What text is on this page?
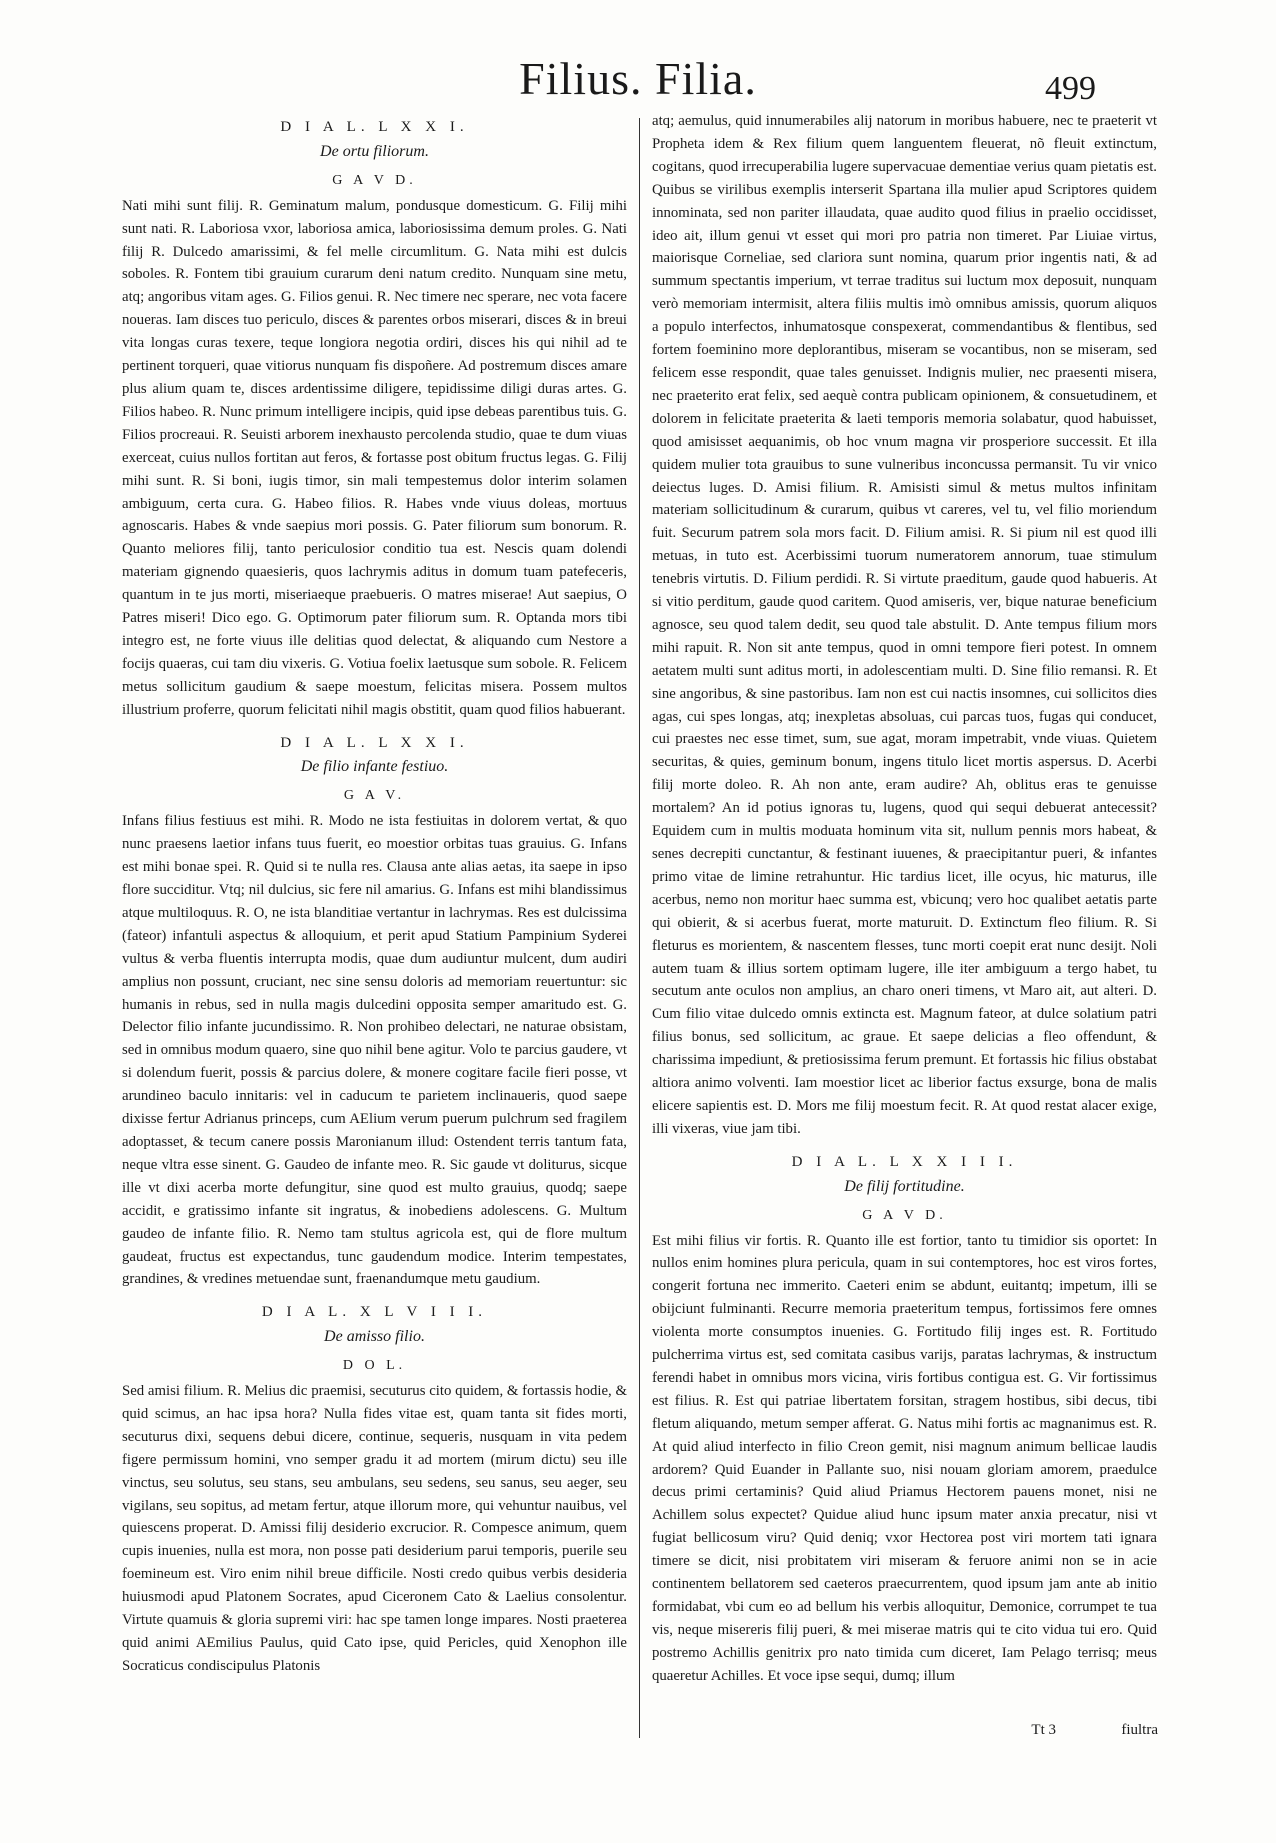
Filius. Filia.	499
D I A L. L X X I.
De ortu filiorum.
G A V D.

Nati mihi sunt filij. R. Geminatum malum, pondusque domesticum. G. Filij mihi sunt nati. R. Laboriosa vxor, laboriosa amica, laboriosissima demum proles. G. Nati filij R. Dulcedo amarissimi, & fel melle circumlitum. G. Nata mihi est dulcis soboles. R. Fontem tibi grauium curarum deni natum credito. Nunquam sine metu, atq; angoribus vitam ages. G. Filios genui. R. Nec timere nec sperare, nec vota facere noueras. Iam disces tuo periculo, disces & parentes orbos miserari, disces & in breui vita longas curas texere, teque longiora negotia ordiri, disces his qui nihil ad te pertinent torqueri, quae vitiorus nunquam fis dispoñere. Ad postremum disces amare plus alium quam te, disces ardentissime diligere, tepidissime diligi duras artes. G. Filios habeo. R. Nunc primum intelligere incipis, quid ipse debeas parentibus tuis. G. Filios procreaui. R. Seuisti arborem inexhausto percolenda studio, quae te dum viuas exerceat, cuius nullos fortitan aut feros, & fortasse post obitum fructus legas. G. Filij mihi sunt. R. Si boni, iugis timor, sin mali tempestemus dolor interim solamen ambiguum, certa cura. G. Habeo filios. R. Habes vnde viuus doleas, mortuus agnoscaris. Habes & vnde saepius mori possis. G. Pater filiorum sum bonorum. R. Quanto meliores filij, tanto periculosior conditio tua est. Nescis quam dolendi materiam gignendo quaesieris, quos lachrymis aditus in domum tuam patefeceris, quantum in te jus morti, miseriaeque praebueris. O matres miserae! Aut saepius, O Patres miseri! Dico ego. G. Optimorum pater filiorum sum. R. Optanda mors tibi integro est, ne forte viuus ille delitias quod delectat, & aliquando cum Nestore a focijs quaeras, cui tam diu vixeris. G. Votiua foelix laetusque sum sobole. R. Felicem metus sollicitum gaudium & saepe moestum, felicitas misera. Possem multos illustrium proferre, quorum felicitati nihil magis obstitit, quam quod filios habuerant.

D I A L. L X X I.
De filio infante festiuo.
G A V.

Infans filius festiuus est mihi. R. Modo ne ista festiuitas in dolorem vertat, & quo nunc praesens laetior infans tuus fuerit, eo moestior orbitas tuas grauius. G. Infans est mihi bonae spei. R. Quid si te nulla res. Clausa ante alias aetas, ita saepe in ipso flore succiditur. Vtq; nil dulcius, sic fere nil amarius. G. Infans est mihi blandissimus atque multiloquus. R. O, ne ista blanditiae vertantur in lachrymas. Res est dulcissima (fateor) infantuli aspectus & alloquium, et perit apud Statium Pampinium Syderei vultus & verba fluentis interrupta modis, quae dum audiuntur mulcent, dum audiri amplius non possunt, cruciant, nec sine sensu doloris ad memoriam reuertuntur: sic humanis in rebus, sed in nulla magis dulcedini opposita semper amaritudo est. G. Delector filio infante jucundissimo. R. Non prohibeo delectari, ne naturae obsistam, sed in omnibus modum quaero, sine quo nihil bene agitur. Volo te parcius gaudere, vt si dolendum fuerit, possis & parcius dolere, & monere cogitare facile fieri posse, vt arundineo baculo innitaris: vel in caducum te parietem inclinaueris, quod saepe dixisse fertur Adrianus princeps, cum AElium verum puerum pulchrum sed fragilem adoptasset, & tecum canere possis Maronianum illud: Ostendent terris tantum fata, neque vltra esse sinent. G. Gaudeo de infante meo. R. Sic gaude vt doliturus, sicque ille vt dixi acerba morte defungitur, sine quod est multo grauius, quodq; saepe accidit, e gratissimo infante sit ingratus, & inobediens adolescens. G. Multum gaudeo de infante filio. R. Nemo tam stultus agricola est, qui de flore multum gaudeat, fructus est expectandus, tunc gaudendum modice. Interim tempestates, grandines, & vredines metuendae sunt, fraenandumque metu gaudium.

D I A L. X L V I I I.
De amisso filio.
D O L.

Sed amisi filium. R. Melius dic praemisi, secuturus cito quidem, & fortassis hodie, & quid scimus, an hac ipsa hora? Nulla fides vitae est, quam tanta sit fides morti, secuturus dixi, sequens debui dicere, continue, sequeris, nusquam in vita pedem figere permissum homini, vno semper gradu it ad mortem (mirum dictu) seu ille vinctus, seu solutus, seu stans, seu ambulans, seu sedens, seu sanus, seu aeger, seu vigilans, seu sopitus, ad metam fertur, atque illorum more, qui vehuntur nauibus, vel quiescens properat. D. Amissi filij desiderio excrucior. R. Compesce animum, quem cupis inuenies, nulla est mora, non posse pati desiderium parui temporis, puerile seu foemineum est. Viro enim nihil breue difficile. Nosti credo quibus verbis desideria huiusmodi apud Platonem Socrates, apud Ciceronem Cato & Laelius consolentur. Virtute quamuis & gloria supremi viri: hac spe tamen longe impares. Nosti praeterea quid animi AEmilius Paulus, quid Cato ipse, quid Pericles, quid Xenophon ille Socraticus condiscipulus Platonis

atq; aemulus, quid innumerabiles alij natorum in moribus habuere, nec te praeterit vt Propheta idem & Rex filium quem languentem fleuerat, nõ fleuit extinctum, cogitans, quod irrecuperabilia lugere supervacuae dementiae verius quam pietatis est. Quibus se virilibus exemplis interserit Spartana illa mulier apud Scriptores quidem innominata, sed non pariter illaudata, quae audito quod filius in praelio occidisset, ideo ait, illum genui vt esset qui mori pro patria non timeret. Par Liuiae virtus, maiorisque Corneliae, sed clariora sunt nomina, quarum prior ingentis nati, & ad summum spectantis imperium, vt terrae traditus sui luctum mox deposuit, nunquam verò memoriam intermisit, altera filiis multis imò omnibus amissis, quorum aliquos a populo interfectos, inhumatosque conspexerat, commendantibus & flentibus, sed fortem foeminino more deplorantibus, miseram se vocantibus, non se miseram, sed felicem esse respondit, quae tales genuisset. Indignis mulier, nec praesenti misera, nec praeterito erat felix, sed aequè contra publicam opinionem, & consuetudinem, et dolorem in felicitate praeterita & laeti temporis memoria solabatur, quod habuisset, quod amisisset aequanimis, ob hoc vnum magna vir prosperiore successit. Et illa quidem mulier tota grauibus to sune vulneribus inconcussa permansit. Tu vir vnico deiectus luges. D. Amisi filium. R. Amisisti simul & metus multos infinitam materiam sollicitudinum & curarum, quibus vt careres, vel tu, vel filio moriendum fuit. Securum patrem sola mors facit. D. Filium amisi. R. Si pium nil est quod illi metuas, in tuto est. Acerbissimi tuorum numeratorem annorum, tuae stimulum tenebris virtutis. D. Filium perdidi. R. Si virtute praeditum, gaude quod habueris. At si vitio perditum, gaude quod caritem. Quod amiseris, ver, bique naturae beneficium agnosce, seu quod talem dedit, seu quod tale abstulit. D. Ante tempus filium mors mihi rapuit. R. Non sit ante tempus, quod in omni tempore fieri potest. In omnem aetatem multi sunt aditus morti, in adolescentiam multi. D. Sine filio remansi. R. Et sine angoribus, & sine pastoribus. Iam non est cui nactis insomnes, cui sollicitos dies agas, cui spes longas, atq; inexpletas absoluas, cui parcas tuos, fugas qui conducet, cui praestes nec esse timet, sum, sue agat, moram impetrabit, vnde viuas. Quietem securitas, & quies, geminum bonum, ingens titulo licet mortis aspersus. D. Acerbi filij morte doleo. R. Ah non ante, eram audire? Ah, oblitus eras te genuisse mortalem? An id potius ignoras tu, lugens, quod qui sequi debuerat antecessit? Equidem cum in multis moduata hominum vita sit, nullum pennis mors habeat, & senes decrepiti cunctantur, & festinant iuuenes, & praecipitantur pueri, & infantes primo vitae de limine retrahuntur. Hic tardius licet, ille ocyus, hic maturus, ille acerbus, nemo non moritur haec summa est, vbicunq; vero hoc qualibet aetatis parte qui obierit, & si acerbus fuerat, morte maturuit. D. Extinctum fleo filium. R. Si fleturus es morientem, & nascentem flesses, tunc morti coepit erat nunc desijt. Noli autem tuam & illius sortem optimam lugere, ille iter ambiguum a tergo habet, tu secutum ante oculos non amplius, an charo oneri timens, vt Maro ait, aut alteri. D. Cum filio vitae dulcedo omnis extincta est. Magnum fateor, at dulce solatium patri filius bonus, sed sollicitum, ac graue. Et saepe delicias a fleo offendunt, & charissima impediunt, & pretiosissima ferum premunt. Et fortassis hic filius obstabat altiora animo volventi. Iam moestior licet ac liberior factus exsurge, bona de malis elicere sapientis est. D. Mors me filij moestum fecit. R. At quod restat alacer exige, illi vixeras, viue jam tibi.

D I A L. L X X I I I.
De filij fortitudine.
G A V D.

Est mihi filius vir fortis. R. Quanto ille est fortior, tanto tu timidior sis oportet: In nullos enim homines plura pericula, quam in sui contemptores, hoc est viros fortes, congerit fortuna nec immerito. Caeteri enim se abdunt, euitantq; impetum, illi se obijciunt fulminanti. Recurre memoria praeteritum tempus, fortissimos fere omnes violenta morte consumptos inuenies. G. Fortitudo filij inges est. R. Fortitudo pulcherrima virtus est, sed comitata casibus varijs, paratas lachrymas, & instructum ferendi habet in omnibus mors vicina, viris fortibus contigua est. G. Vir fortissimus est filius. R. Est qui patriae libertatem forsitan, stragem hostibus, sibi decus, tibi fletum aliquando, metum semper afferat. G. Natus mihi fortis ac magnanimus est. R. At quid aliud interfecto in filio Creon gemit, nisi magnum animum bellicae laudis ardorem? Quid Euander in Pallante suo, nisi nouam gloriam amorem, praedulce decus primi certaminis? Quid aliud Priamus Hectorem pauens monet, nisi ne Achillem solus expectet? Quidue aliud hunc ipsum mater anxia precatur, nisi vt fugiat bellicosum viru? Quid deniq; vxor Hectorea post viri mortem tati ignara timere se dicit, nisi probitatem viri miseram & feruore animi non se in acie continentem bellatorem sed caeteros praecurrentem, quod ipsum jam ante ab initio formidabat, vbi cum eo ad bellum his verbis alloquitur, Demonice, corrumpet te tua vis, neque misereris filij pueri, & mei miserae matris qui te cito vidua tui ero. Quid postremo Achillis genitrix pro nato timida cum diceret, Iam Pelago terrisq; meus quaeretur Achilles. Et voce ipse sequi, dumq; illum

Tt 3	fiultra
